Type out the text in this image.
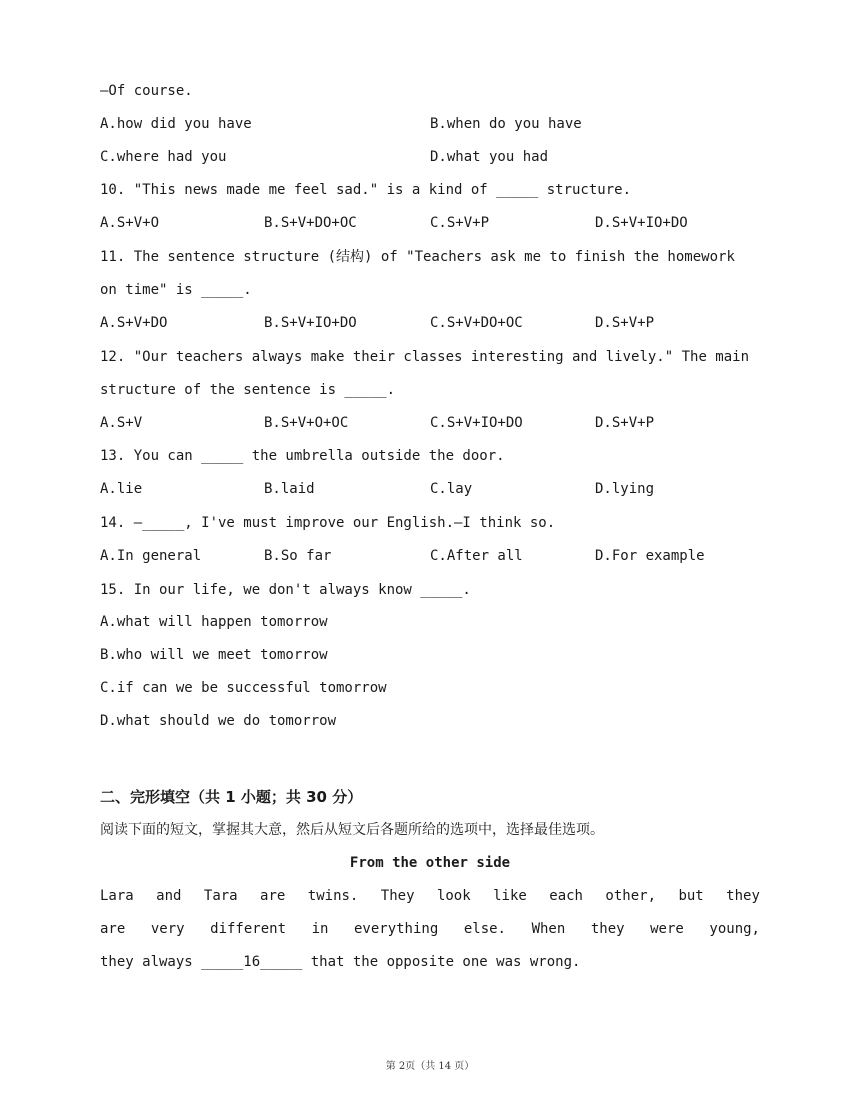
—Of course.
A.how did you have	B.when do you have
C.where had you	D.what you had
10. "This news made me feel sad." is a kind of _____ structure.
A.S+V+O	B.S+V+DO+OC	C.S+V+P	D.S+V+IO+DO
11. The sentence structure (结构) of "Teachers ask me to finish the homework
on time" is _____.
A.S+V+DO	B.S+V+IO+DO	C.S+V+DO+OC	D.S+V+P
12. "Our teachers always make their classes interesting and lively." The main
structure of the sentence is _____.
A.S+V	B.S+V+O+OC	C.S+V+IO+DO	D.S+V+P
13. You can _____ the umbrella outside the door.
A.lie	B.laid	C.lay	D.lying
14. —_____, I've must improve our English.—I think so.
A.In general	B.So far	C.After all	D.For example
15. In our life, we don't always know _____.
A.what will happen tomorrow
B.who will we meet tomorrow
C.if can we be successful tomorrow
D.what should we do tomorrow
二、完形填空（共 1 小题；共 30 分）
阅读下面的短文，掌握其大意，然后从短文后各题所给的选项中，选择最佳选项。
From the other side
Lara and Tara are twins. They look like each other, but they
are very different in everything else. When they were young,
they always _____16_____ that the opposite one was wrong.
第 2页（共 14 页）
